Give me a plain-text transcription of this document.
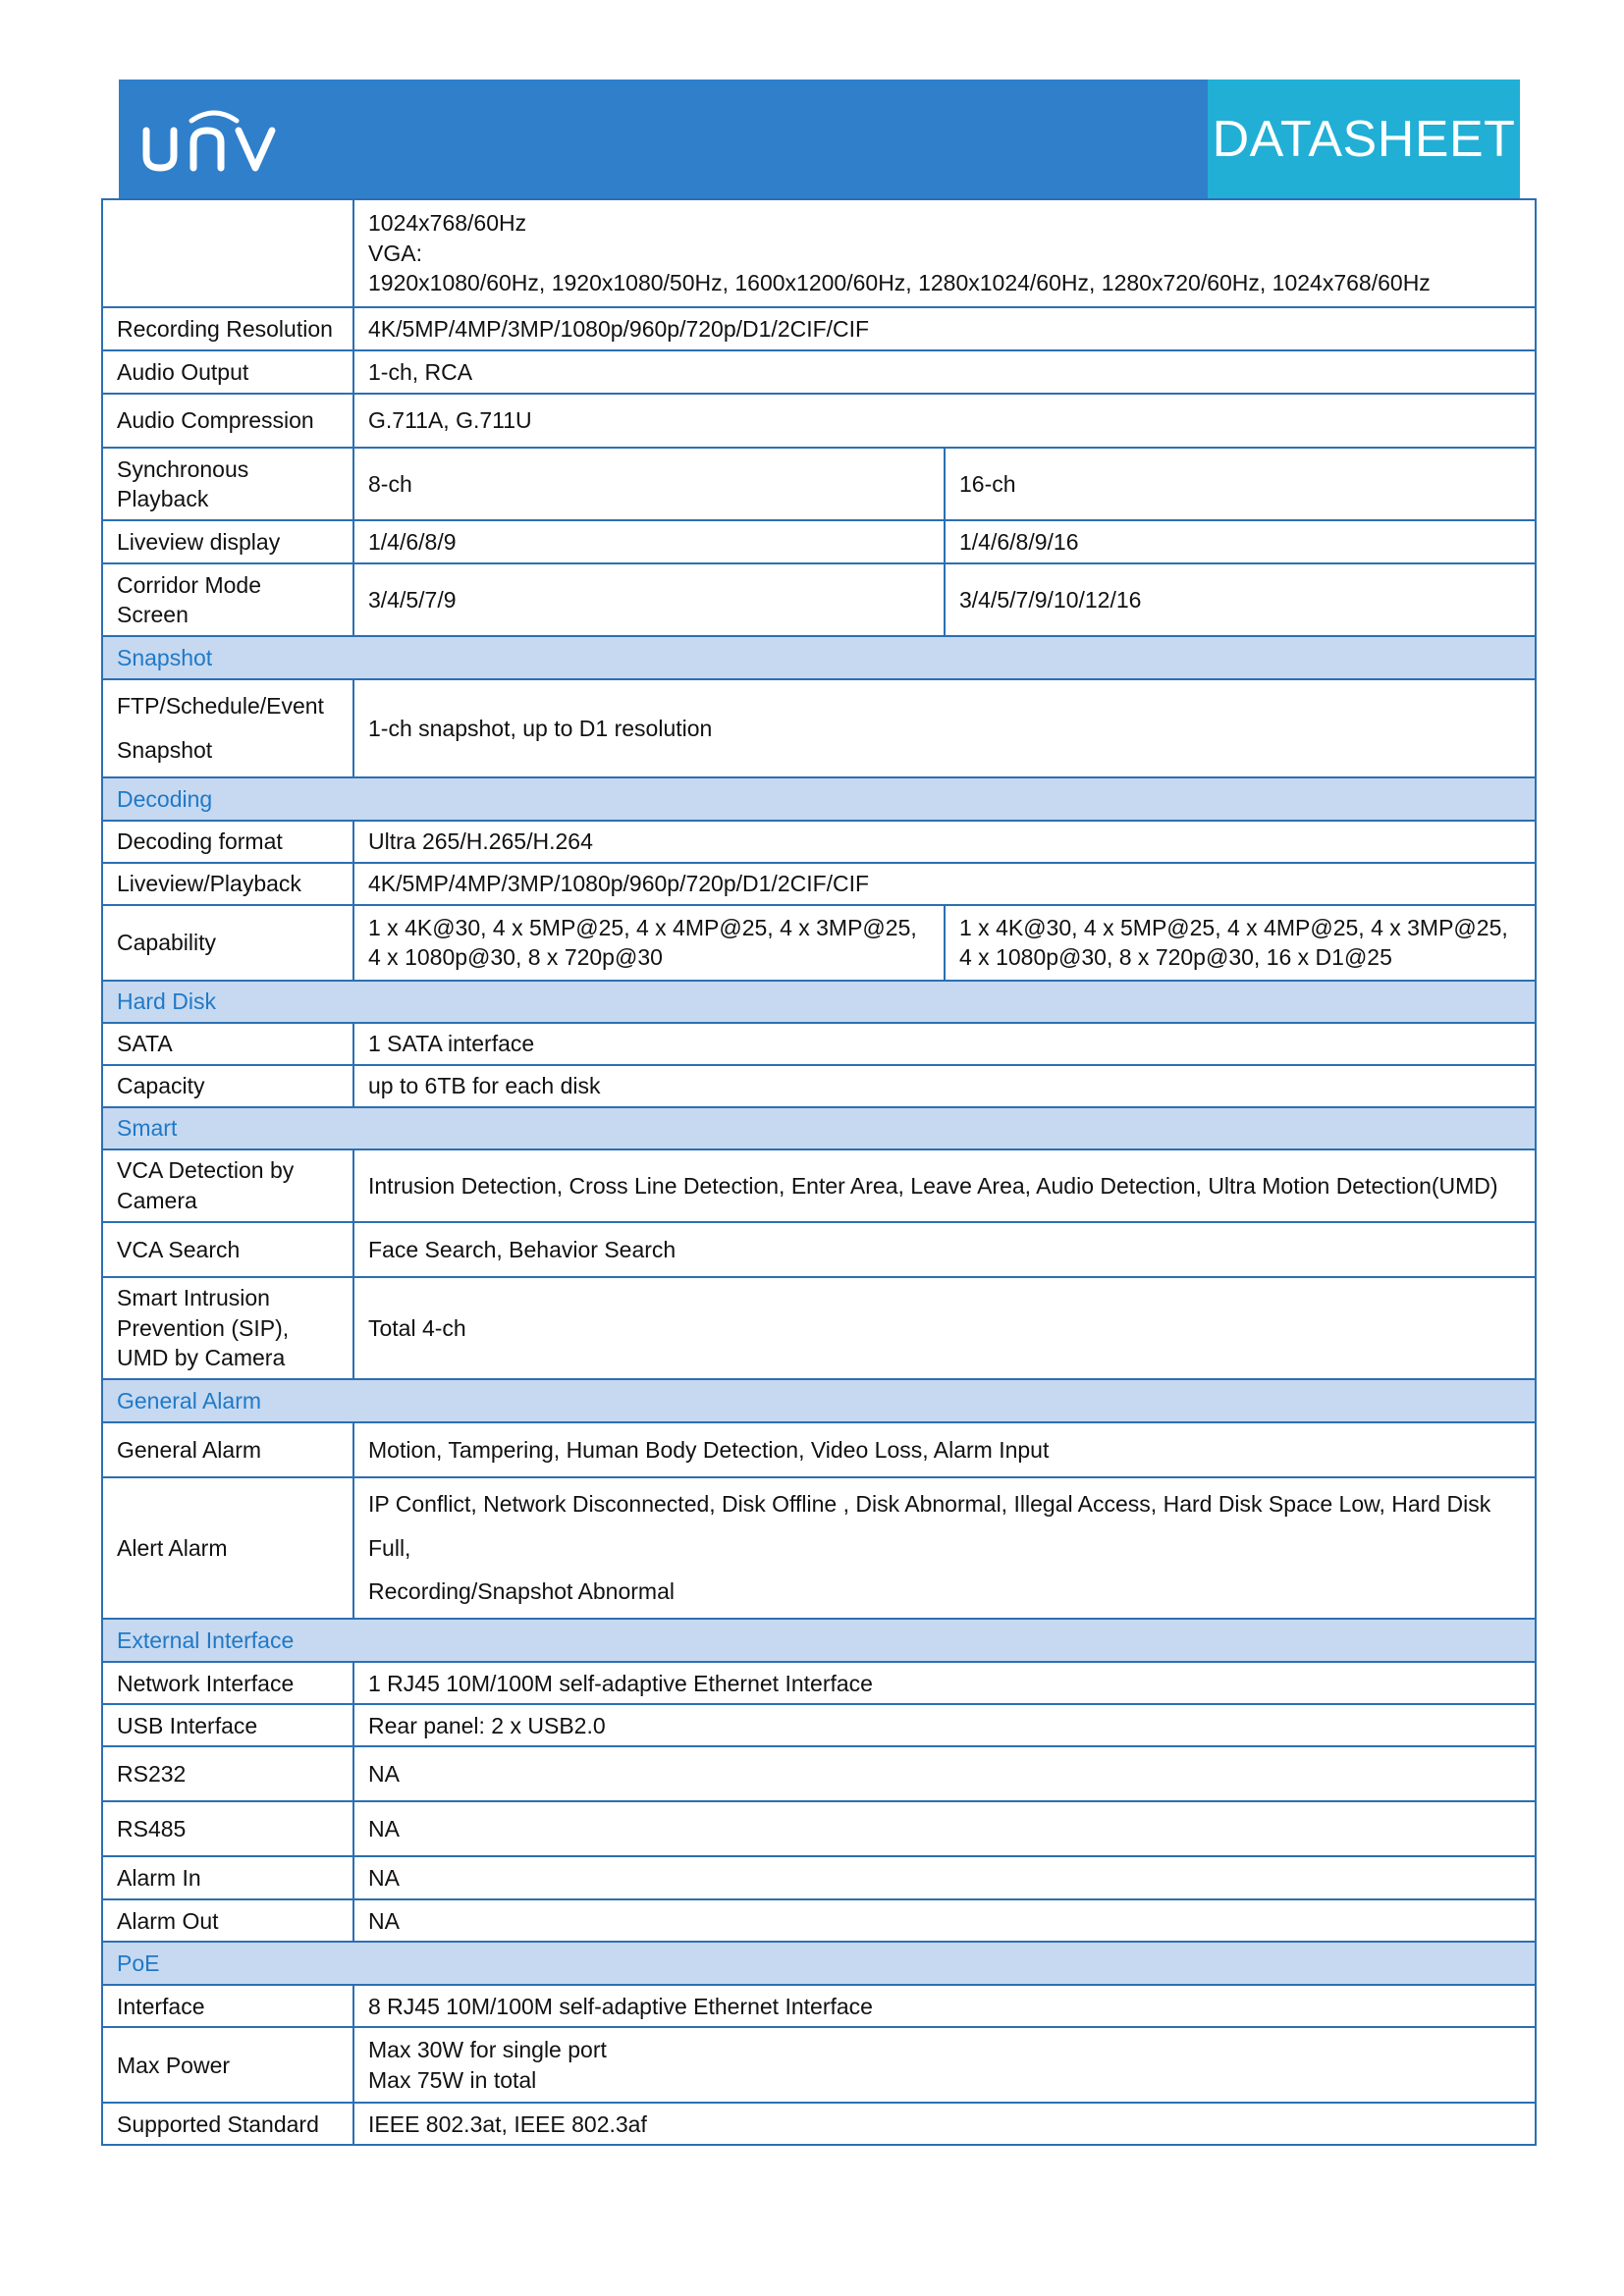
DATASHEET

	1024x768/60Hz
VGA:
1920x1080/60Hz, 1920x1080/50Hz, 1600x1200/60Hz, 1280x1024/60Hz, 1280x720/60Hz, 1024x768/60Hz	

Recording Resolution	4K/5MP/4MP/3MP/1080p/960p/720p/D1/2CIF/CIF	
Audio Output	1-ch, RCA	
Audio Compression	G.711A, G.711U	
Synchronous Playback	8-ch	16-ch
Liveview display	1/4/6/8/9	1/4/6/8/9/16
Corridor Mode Screen	3/4/5/7/9	3/4/5/7/9/10/12/16
Snapshot		

FTP/Schedule/Event
Snapshot	1-ch snapshot, up to D1 resolution	
Decoding		
Decoding format	Ultra 265/H.265/H.264	
Liveview/Playback	4K/5MP/4MP/3MP/1080p/960p/720p/D1/2CIF/CIF	
Capability	1 x 4K@30, 4 x 5MP@25, 4 x 4MP@25, 4 x 3MP@25, 4 x 1080p@30, 8 x 720p@30	1 x 4K@30, 4 x 5MP@25, 4 x 4MP@25, 4 x 3MP@25, 4 x 1080p@30, 8 x 720p@30, 16 x D1@25
Hard Disk		
SATA	1 SATA interface	
Capacity	up to 6TB for each disk	
Smart		
VCA Detection by Camera	Intrusion Detection, Cross Line Detection, Enter Area, Leave Area, Audio Detection, Ultra Motion Detection(UMD)	
VCA Search	Face Search, Behavior Search	
Smart Intrusion Prevention (SIP), UMD by Camera	Total 4-ch	
General Alarm		
General Alarm	Motion, Tampering, Human Body Detection, Video Loss, Alarm Input	
Alert Alarm	IP Conflict, Network Disconnected, Disk Offline , Disk Abnormal, Illegal Access, Hard Disk Space Low, Hard Disk Full,
Recording/Snapshot Abnormal	

External Interface		
Network Interface	1 RJ45 10M/100M self-adaptive Ethernet Interface	
USB Interface	Rear panel: 2 x USB2.0	
RS232	NA	
RS485	NA	
Alarm In	NA	
Alarm Out	NA	
PoE		
Interface	8 RJ45 10M/100M self-adaptive Ethernet Interface	
Max Power	Max 30W for single port
Max 75W in total	

Supported Standard	IEEE 802.3at, IEEE 802.3af	
